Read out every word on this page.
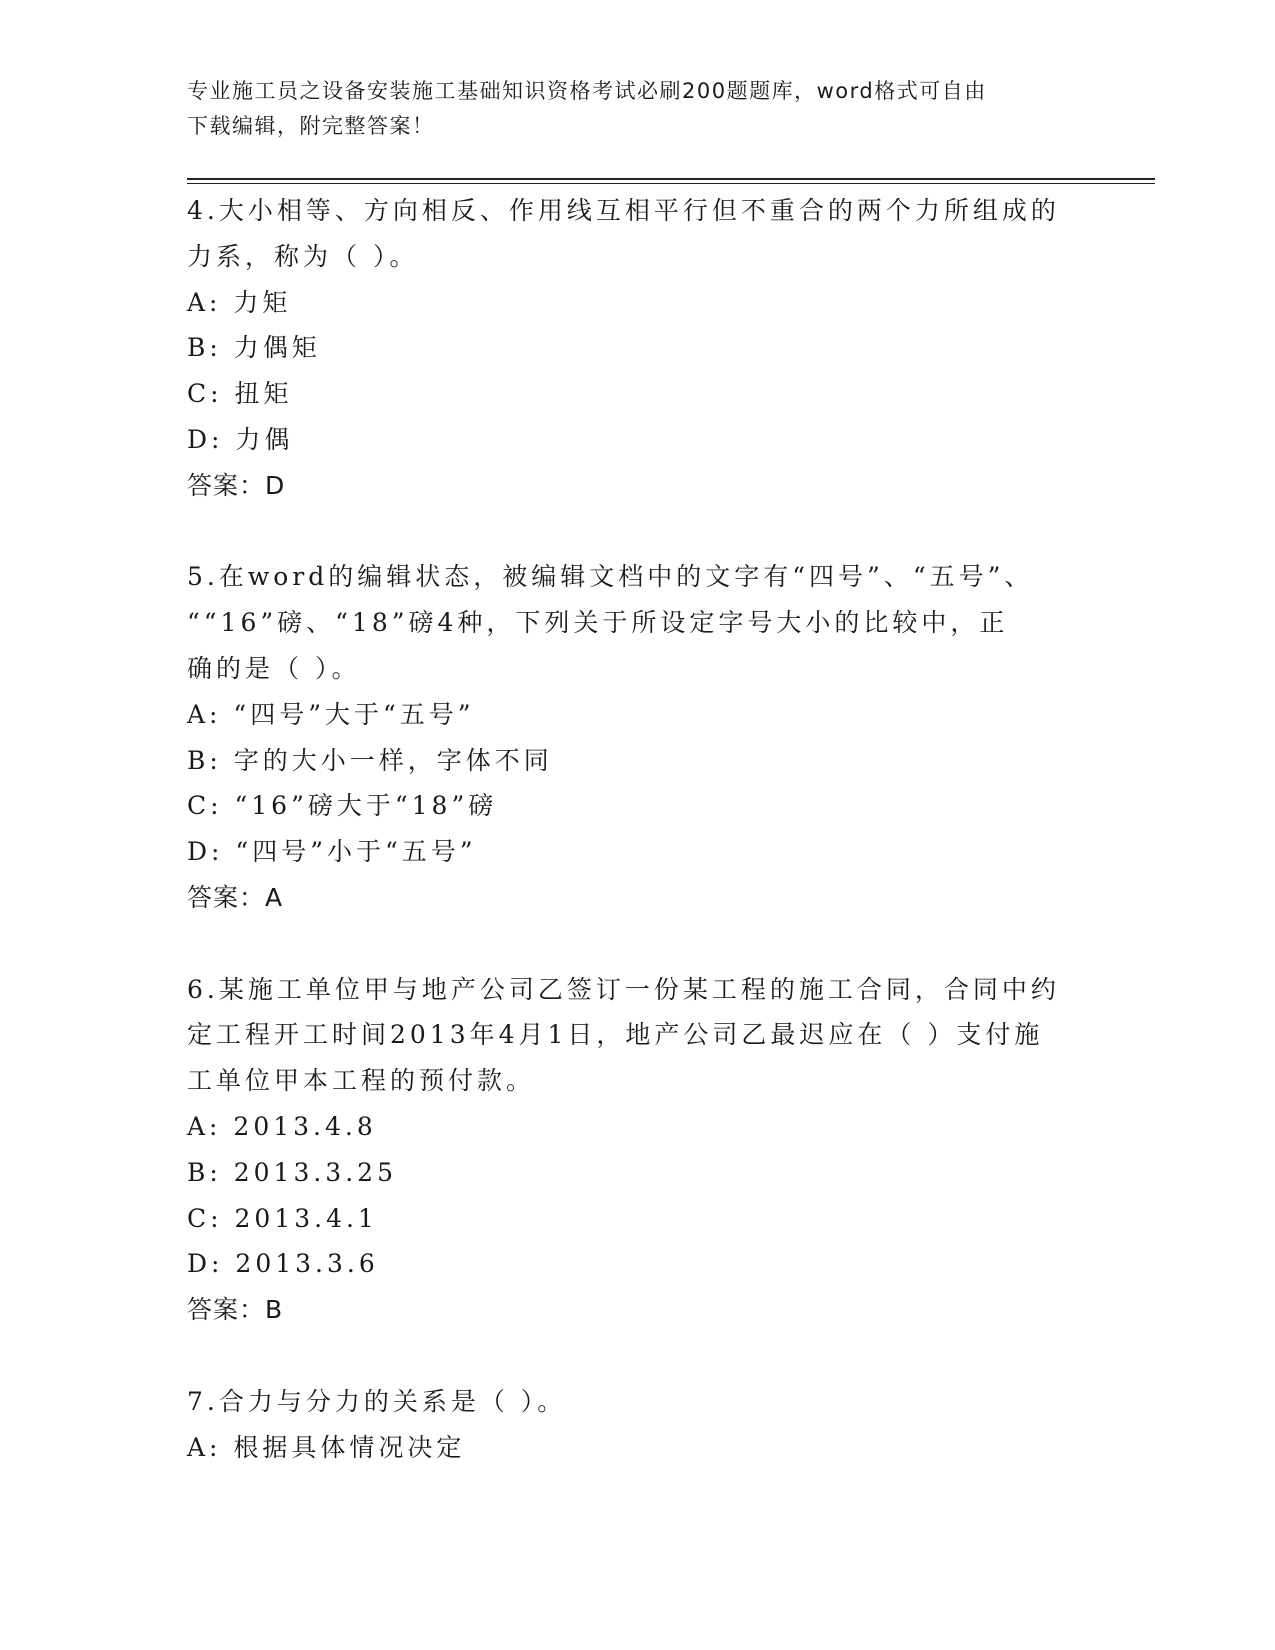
专业施工员之设备安装施工基础知识资格考试必刷200题题库，word格式可自由
下载编辑，附完整答案！
4.大小相等、方向相反、作用线互相平行但不重合的两个力所组成的
力系，称为（ ）。
A: 力矩
B: 力偶矩
C: 扭矩
D: 力偶
答案：D
5.在word的编辑状态，被编辑文档中的文字有“四号”、“五号”、
““16”磅、“18”磅4种，下列关于所设定字号大小的比较中，正
确的是（ ）。
A: “四号”大于“五号”
B: 字的大小一样，字体不同
C: “16”磅大于“18”磅
D: “四号”小于“五号”
答案：A
6.某施工单位甲与地产公司乙签订一份某工程的施工合同，合同中约
定工程开工时间2013年4月1日，地产公司乙最迟应在（ ）支付施
工单位甲本工程的预付款。
A: 2013.4.8
B: 2013.3.25
C: 2013.4.1
D: 2013.3.6
答案：B
7.合力与分力的关系是（ ）。
A: 根据具体情况决定
